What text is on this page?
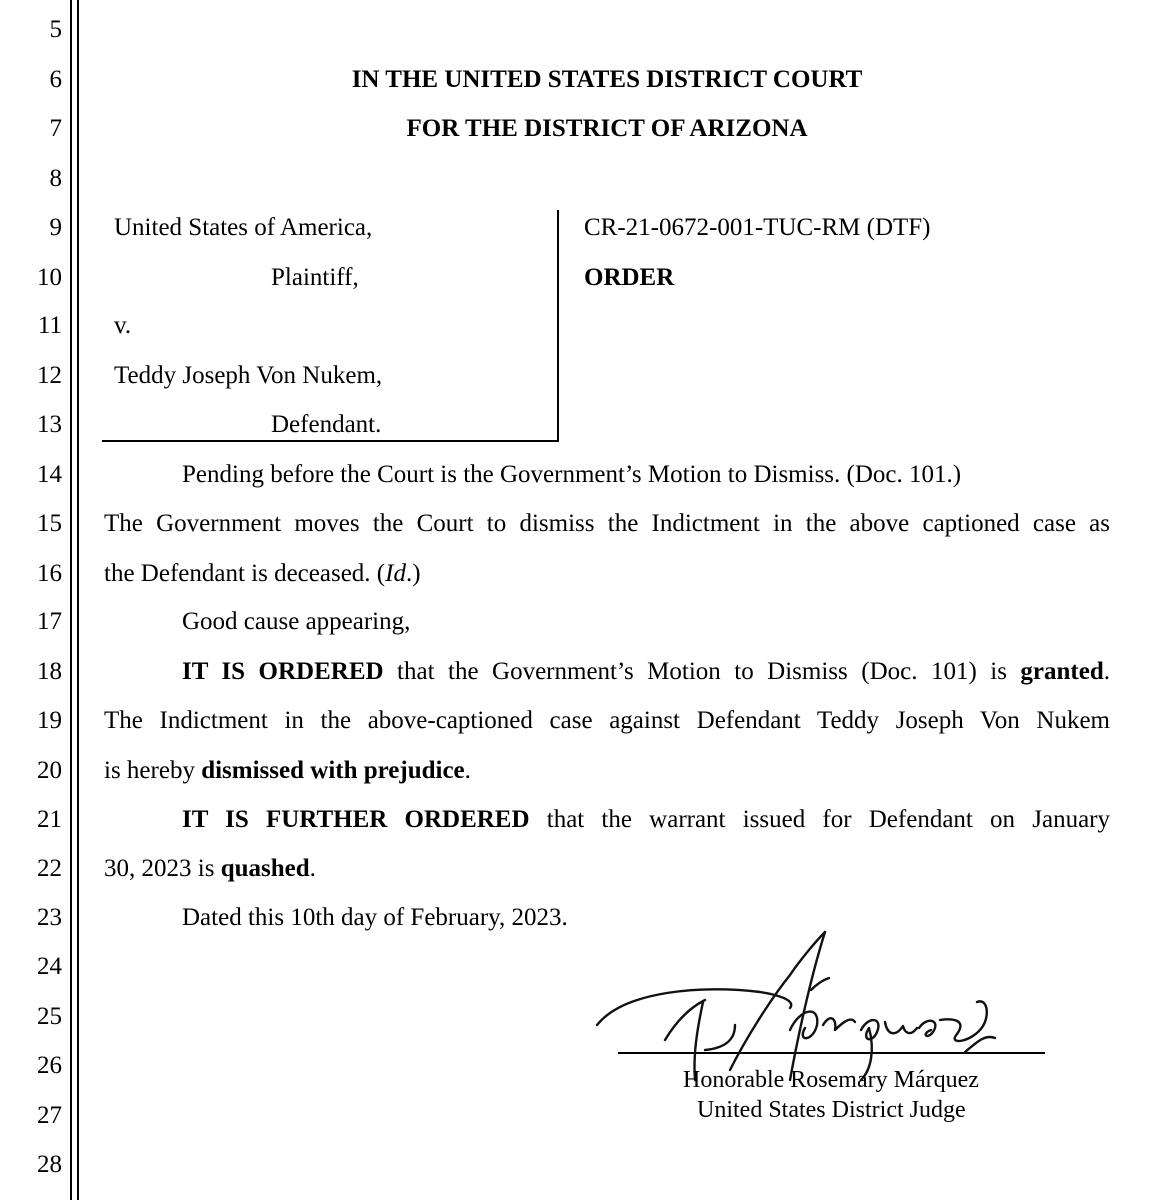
5
6
7
8
9
10
11
12
13
14
15
16
17
18
19
20
21
22
23
24
25
26
27
28
IN THE UNITED STATES DISTRICT COURT
FOR THE DISTRICT OF ARIZONA
United States of America,
Plaintiff,
v.
Teddy Joseph Von Nukem,
Defendant.
CR-21-0672-001-TUC-RM (DTF)
ORDER
Pending before the Court is the Government’s Motion to Dismiss. (Doc. 101.)
The Government moves the Court to dismiss the Indictment in the above captioned case as
the Defendant is deceased. (Id.)
Good cause appearing,
IT IS ORDERED that the Government’s Motion to Dismiss (Doc. 101) is granted.
The Indictment in the above-captioned case against Defendant Teddy Joseph Von Nukem
is hereby dismissed with prejudice.
IT IS FURTHER ORDERED that the warrant issued for Defendant on January
30, 2023 is quashed.
Dated this 10th day of February, 2023.
Honorable Rosemary Márquez
United States District Judge
